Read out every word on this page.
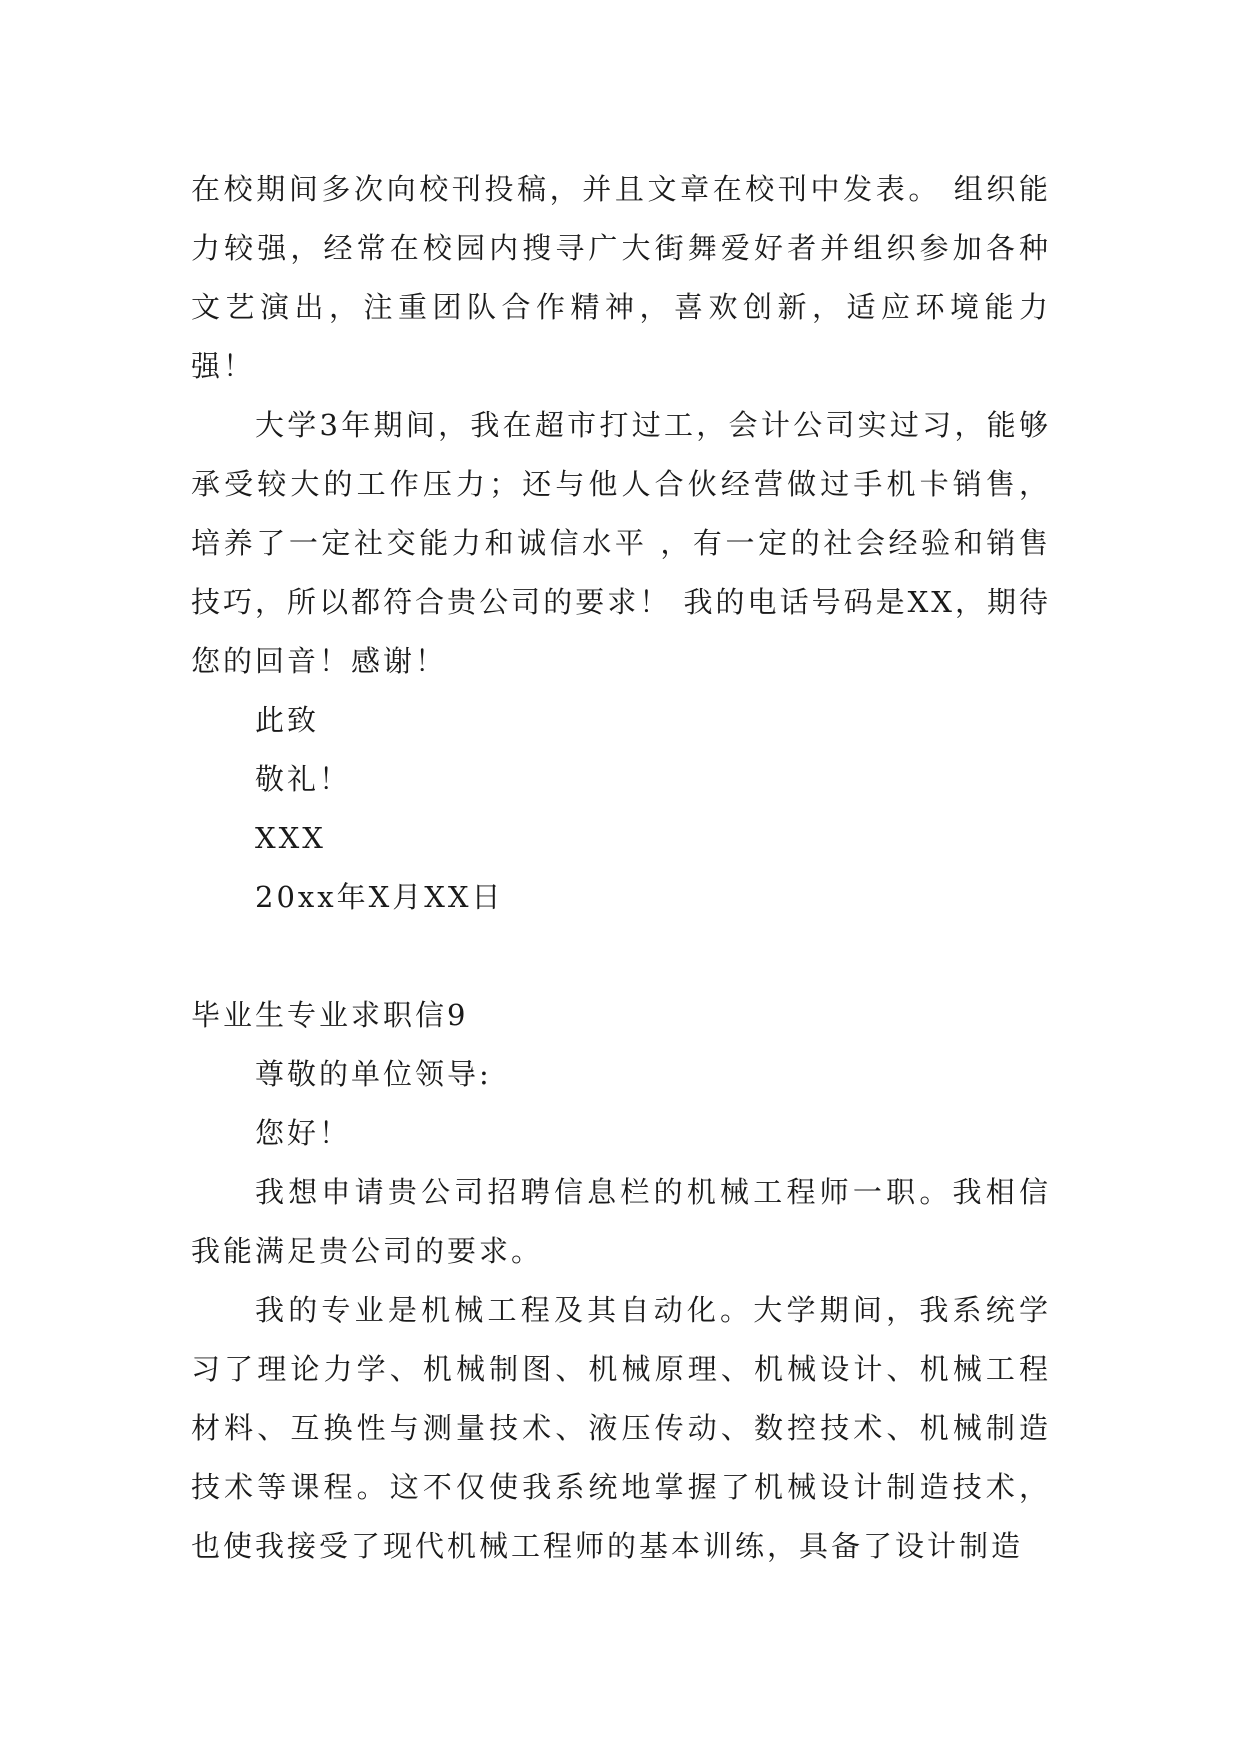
在校期间多次向校刊投稿，并且文章在校刊中发表。 组织能力较强，经常在校园内搜寻广大街舞爱好者并组织参加各种文艺演出，注重团队合作精神，喜欢创新，适应环境能力强！

大学3年期间，我在超市打过工，会计公司实过习，能够承受较大的工作压力；还与他人合伙经营做过手机卡销售，培养了一定社交能力和诚信水平 ，有一定的社会经验和销售技巧，所以都符合贵公司的要求！ 我的电话号码是XX，期待您的回音！感谢！

此致

敬礼！

XXX

20xx年X月XX日

毕业生专业求职信9

尊敬的单位领导:

您好！

我想申请贵公司招聘信息栏的机械工程师一职。我相信我能满足贵公司的要求。

我的专业是机械工程及其自动化。大学期间，我系统学习了理论力学、机械制图、机械原理、机械设计、机械工程材料、互换性与测量技术、液压传动、数控技术、机械制造技术等课程。这不仅使我系统地掌握了机械设计制造技术，也使我接受了现代机械工程师的基本训练，具备了设计制造
